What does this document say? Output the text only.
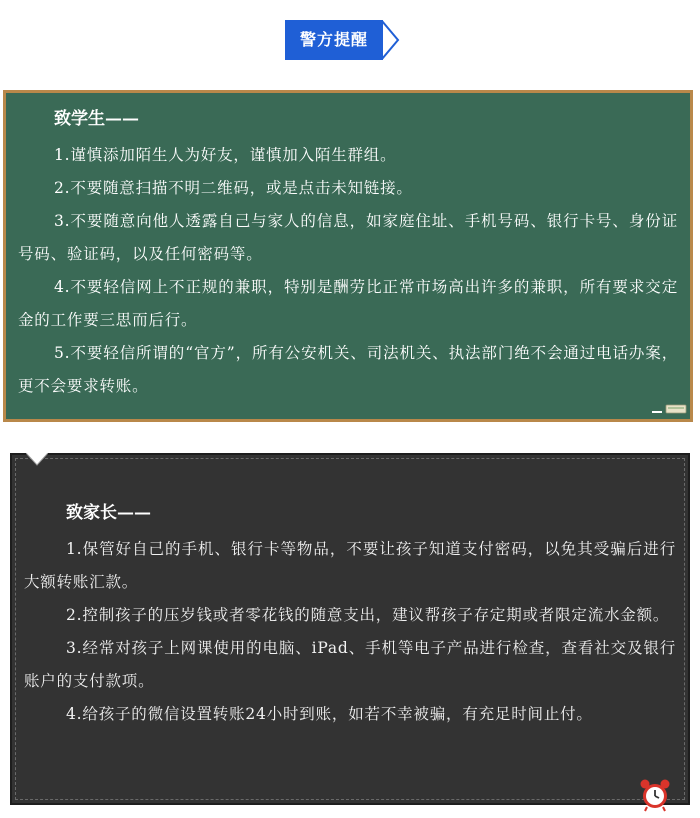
警方提醒
致学生——

1.谨慎添加陌生人为好友，谨慎加入陌生群组。

2.不要随意扫描不明二维码，或是点击未知链接。

3.不要随意向他人透露自己与家人的信息，如家庭住址、手机号码、银行卡号、身份证号码、验证码，以及任何密码等。

4.不要轻信网上不正规的兼职，特别是酬劳比正常市场高出许多的兼职，所有要求交定金的工作要三思而后行。

5.不要轻信所谓的“官方”，所有公安机关、司法机关、执法部门绝不会通过电话办案，更不会要求转账。

致家长——

1.保管好自己的手机、银行卡等物品，不要让孩子知道支付密码，以免其受骗后进行大额转账汇款。

2.控制孩子的压岁钱或者零花钱的随意支出，建议帮孩子存定期或者限定流水金额。

3.经常对孩子上网课使用的电脑、iPad、手机等电子产品进行检查，查看社交及银行账户的支付款项。

4.给孩子的微信设置转账24小时到账，如若不幸被骗，有充足时间止付。
